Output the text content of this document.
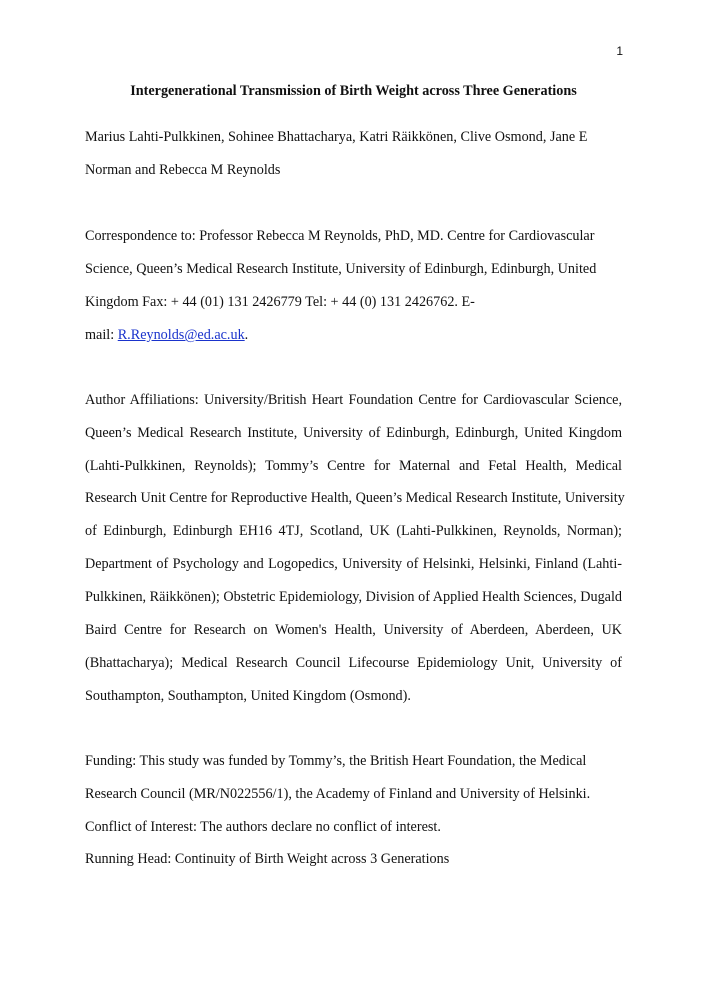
1
Intergenerational Transmission of Birth Weight across Three Generations
Marius Lahti-Pulkkinen, Sohinee Bhattacharya, Katri Räikkönen, Clive Osmond, Jane E
Norman and Rebecca M Reynolds
Correspondence to: Professor Rebecca M Reynolds, PhD, MD. Centre for Cardiovascular
Science, Queen’s Medical Research Institute, University of Edinburgh, Edinburgh, United
Kingdom Fax: + 44 (01) 131 2426779 Tel: + 44 (0) 131 2426762. E-
mail: R.Reynolds@ed.ac.uk.
Author Affiliations: University/British Heart Foundation Centre for Cardiovascular Science,
Queen’s Medical Research Institute, University of Edinburgh, Edinburgh, United Kingdom
(Lahti-Pulkkinen, Reynolds); Tommy’s Centre for Maternal and Fetal Health, Medical
Research Unit Centre for Reproductive Health, Queen’s Medical Research Institute, University
of Edinburgh, Edinburgh EH16 4TJ, Scotland, UK (Lahti-Pulkkinen, Reynolds, Norman);
Department of Psychology and Logopedics, University of Helsinki, Helsinki, Finland (Lahti-
Pulkkinen, Räikkönen); Obstetric Epidemiology, Division of Applied Health Sciences, Dugald
Baird Centre for Research on Women's Health, University of Aberdeen, Aberdeen, UK
(Bhattacharya); Medical Research Council Lifecourse Epidemiology Unit, University of
Southampton, Southampton, United Kingdom (Osmond).
Funding: This study was funded by Tommy’s, the British Heart Foundation, the Medical
Research Council (MR/N022556/1), the Academy of Finland and University of Helsinki.
Conflict of Interest: The authors declare no conflict of interest.
Running Head: Continuity of Birth Weight across 3 Generations
